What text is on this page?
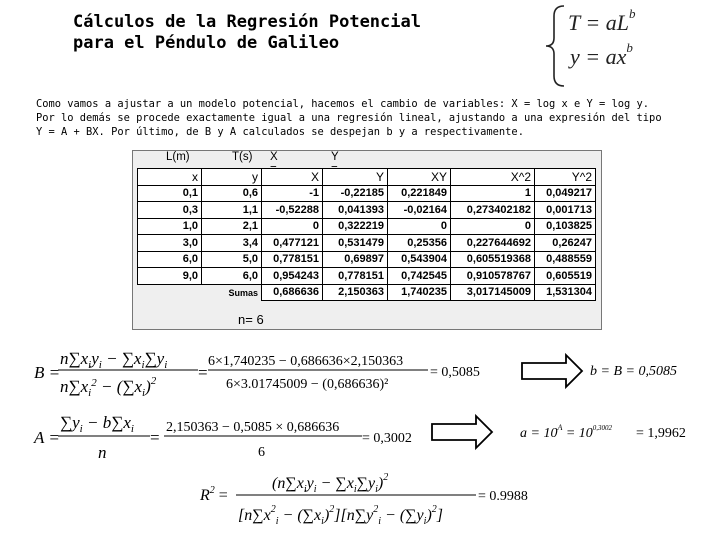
Cálculos de la Regresión Potencial
para el Péndulo de Galileo
$T = aL^b$
$y = ax^b$
Como vamos a ajustar a un modelo potencial, hacemos el cambio de variables: X = log x e Y = log y.
Por lo demás se procede exactamente igual a una regresión lineal, ajustando a una expresión del tipo
Y = A + BX. Por último, de B y A calculados se despejan b y a respectivamente.
L(m)	T(s) X	Y
x	y	X	Y	XY	X^2	Y^2
0,1	0,6	-1	-0,22185	0,221849	1	0,049217
0,3	1,1	-0,52288	0,041393	-0,02164	0,273402182	0,001713
1,0	2,1	0	0,322219	0	0	0,103825
3,0	3,4	0,477121	0,531479	0,25356	0,227644692	0,26247
6,0	5,0	0,778151	0,69897	0,543904	0,605519368	0,488559
9,0	6,0	0,954243	0,778151	0,742545	0,910578767	0,605519
	Sumas	0,686636	2,150363	1,740235	3,017145009	1,531304
n= 6
B =
$n\sum x_iy_i - \sum x_i\sum y_i$
$n\sum x_i^2 - (\sum x_i)^2$ =
6×1,740235 − 0,686636×2,150363
6×3.01745009 − (0,686636)²
= 0,5085	b = B = 0,5085
A =
$\sum y_i - b\sum x_i$
n
=
2,150363 − 0,5085 × 0,686636
6
= 0,3002	$a = 10^A = 10^{0,3002} = 1,9962$
$R^2$ =
$(n\sum x_iy_i - \sum x_i\sum y_i)^2$
$[n\sum x^2_i - (\sum x_i)^2][n\sum y^2_i - (\sum y_i)^2]$
= 0.9988
